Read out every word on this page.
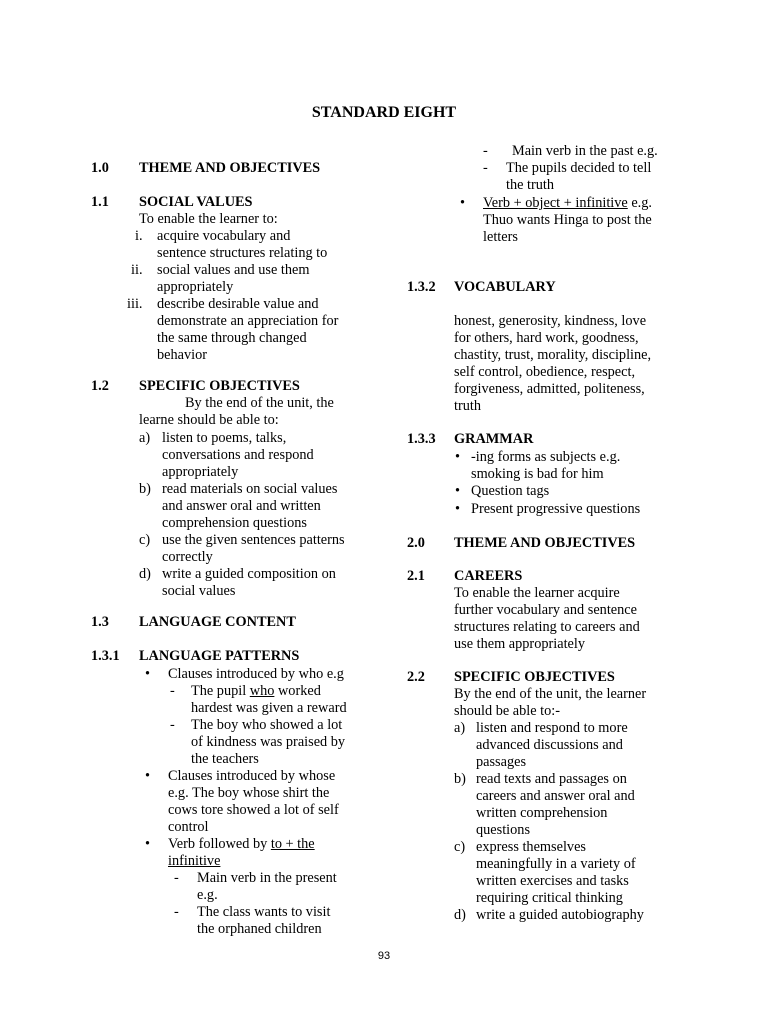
STANDARD EIGHT
1.0 THEME AND OBJECTIVES
1.1 SOCIAL VALUES
To enable the learner to:
i. acquire vocabulary and
sentence structures relating to
ii. social values and use them
appropriately
iii. describe desirable value and
demonstrate an appreciation for
the same through changed
behavior
1.2 SPECIFIC OBJECTIVES
By the end of the unit, the
learne should be able to:
a) listen to poems, talks,
conversations and respond
appropriately
b) read materials on social values
and answer oral and written
comprehension questions
c) use the given sentences patterns
correctly
d) write a guided composition on
social values
1.3 LANGUAGE CONTENT
1.3.1 LANGUAGE PATTERNS
• Clauses introduced by who e.g
- The pupil who worked
hardest was given a reward
- The boy who showed a lot
of kindness was praised by
the teachers
• Clauses introduced by whose
e.g. The boy whose shirt the
cows tore showed a lot of self
control
• Verb followed by to + the
infinitive
- Main verb in the present
e.g.
- The class wants to visit
the orphaned children
- Main verb in the past e.g.
- The pupils decided to tell
the truth
• Verb + object + infinitive e.g.
Thuo wants Hinga to post the
letters
1.3.2 VOCABULARY
honest, generosity, kindness, love
for others, hard work, goodness,
chastity, trust, morality, discipline,
self control, obedience, respect,
forgiveness, admitted, politeness,
truth
1.3.3 GRAMMAR
• -ing forms as subjects e.g.
smoking is bad for him
• Question tags
• Present progressive questions
2.0 THEME AND OBJECTIVES
2.1 CAREERS
To enable the learner acquire
further vocabulary and sentence
structures relating to careers and
use them appropriately
2.2 SPECIFIC OBJECTIVES
By the end of the unit, the learner
should be able to:-
a) listen and respond to more
advanced discussions and
passages
b) read texts and passages on
careers and answer oral and
written comprehension
questions
c) express themselves
meaningfully in a variety of
written exercises and tasks
requiring critical thinking
d) write a guided autobiography
93
